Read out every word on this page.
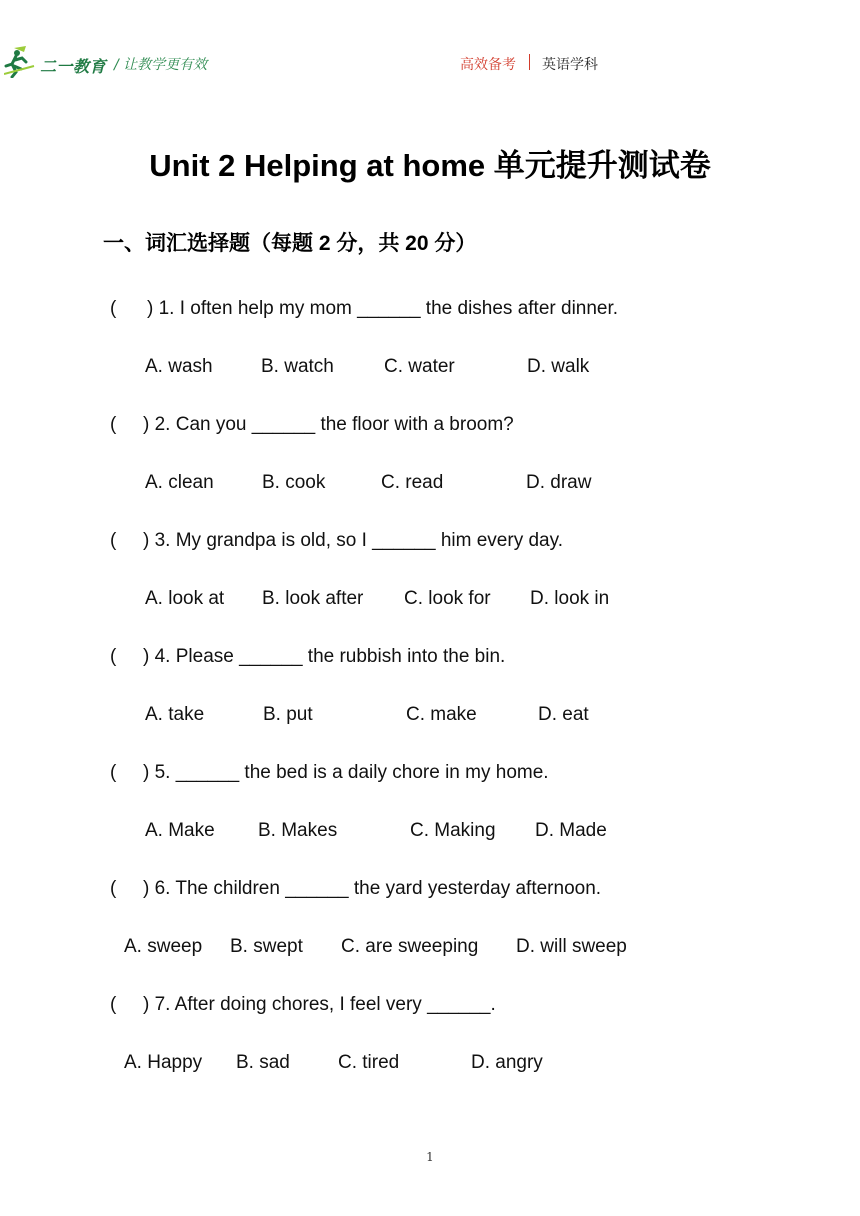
二一教育 / 让教学更有效	高效备考 英语学科
Unit 2 Helping at home 单元提升测试卷
一、词汇选择题（每题 2 分，共 20 分）
( ) 1. I often help my mom ______ the dishes after dinner.
A. wash	B. watch	C. water	D. walk
( ) 2. Can you ______ the floor with a broom?
A. clean	B. cook	C. read	D. draw
( ) 3. My grandpa is old, so I ______ him every day.
A. look at B. look after C. look for D. look in
( ) 4. Please ______ the rubbish into the bin.
A. take	B. put	C. make	D. eat
( ) 5. ______ the bed is a daily chore in my home.
A. Make B. Makes	C. Making D. Made
( ) 6. The children ______ the yard yesterday afternoon.
A. sweep B. swept C. are sweeping D. will sweep
( ) 7. After doing chores, I feel very ______.
A. Happy B. sad	C. tired	D. angry
1
